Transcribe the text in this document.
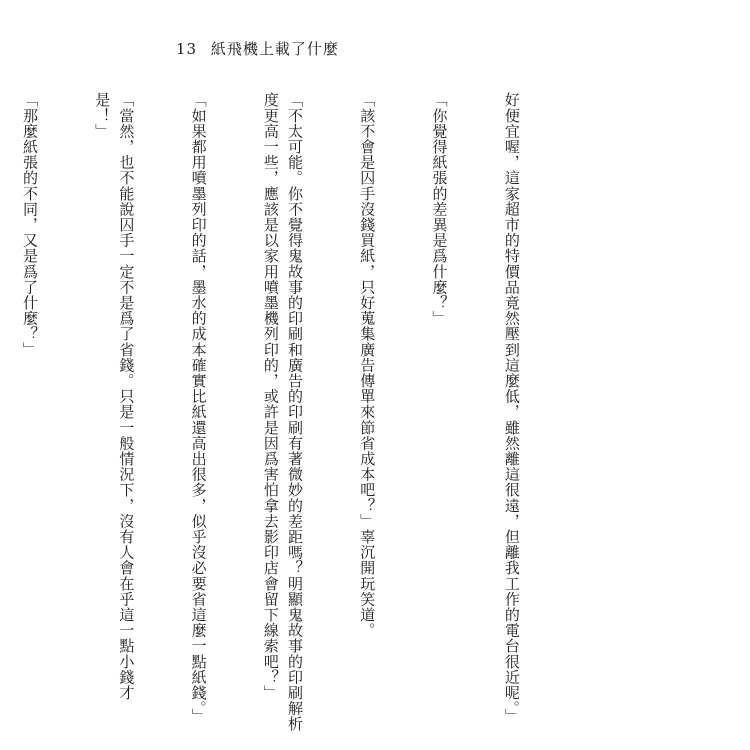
13 紙飛機上載了什麼

好便宜喔，這家超市的特價品竟然壓到這麼低，雖然離這很遠，但離我工作的電台很近呢。」

「你覺得紙張的差異是爲什麼？」

「該不會是囚手沒錢買紙，只好蒐集廣告傳單來節省成本吧？」辜沉開玩笑道。

「不太可能。你不覺得鬼故事的印刷和廣告的印刷有著微妙的差距嗎？明顯鬼故事的印刷解析度更高一些，應該是以家用噴墨機列印的，或許是因爲害怕拿去影印店會留下線索吧？」

「如果都用噴墨列印的話，墨水的成本確實比紙還高出很多，似乎沒必要省這麼一點紙錢。」

「當然，也不能說囚手一定不是爲了省錢。只是一般情況下，沒有人會在乎這一點小錢才是！」

「那麼紙張的不同，又是爲了什麼？」
